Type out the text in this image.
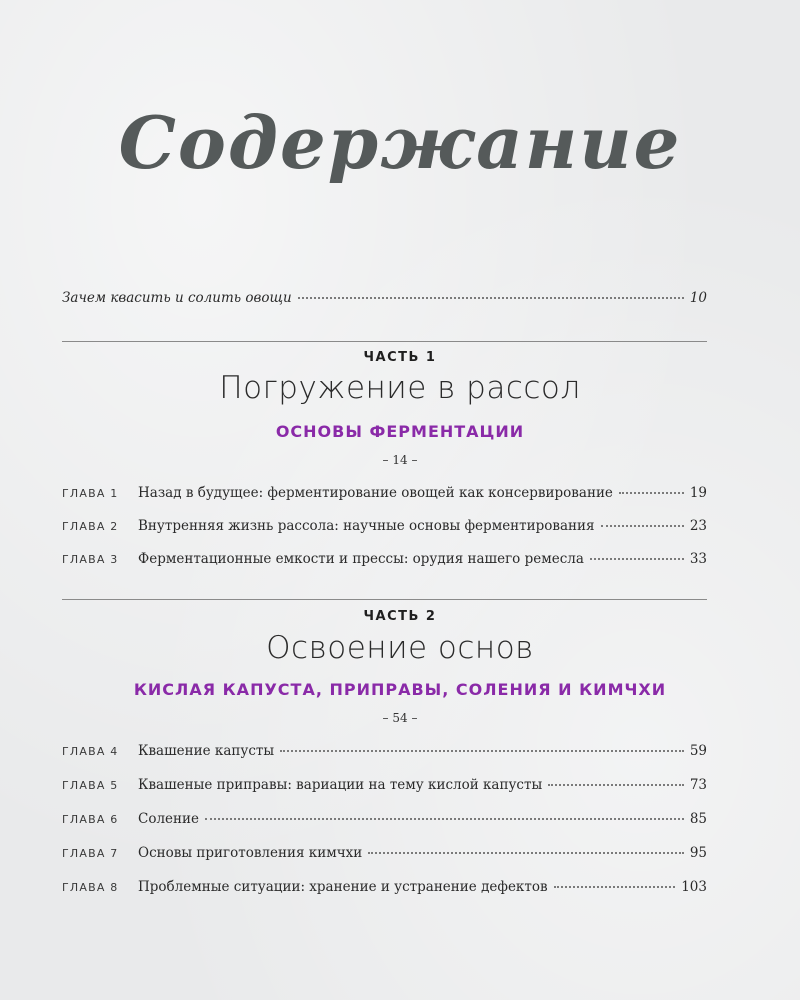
Содержание
Зачем квасить и солить овощи	10
ЧАСТЬ 1
Погружение в рассол
ОСНОВЫ ФЕРМЕНТАЦИИ
– 14 –
ГЛАВА 1 Назад в будущее: ферментирование овощей как консервирование	19
ГЛАВА 2 Внутренняя жизнь рассола: научные основы ферментирования	23
ГЛАВА 3 Ферментационные емкости и прессы: орудия нашего ремесла	33
ЧАСТЬ 2
Освоение основ
КИСЛАЯ КАПУСТА, ПРИПРАВЫ, СОЛЕНИЯ И КИМЧХИ
– 54 –
ГЛАВА 4 Квашение капусты	59
ГЛАВА 5 Квашеные приправы: вариации на тему кислой капусты	73
ГЛАВА 6 Соление	85
ГЛАВА 7 Основы приготовления кимчхи	95
ГЛАВА 8 Проблемные ситуации: хранение и устранение дефектов	103
